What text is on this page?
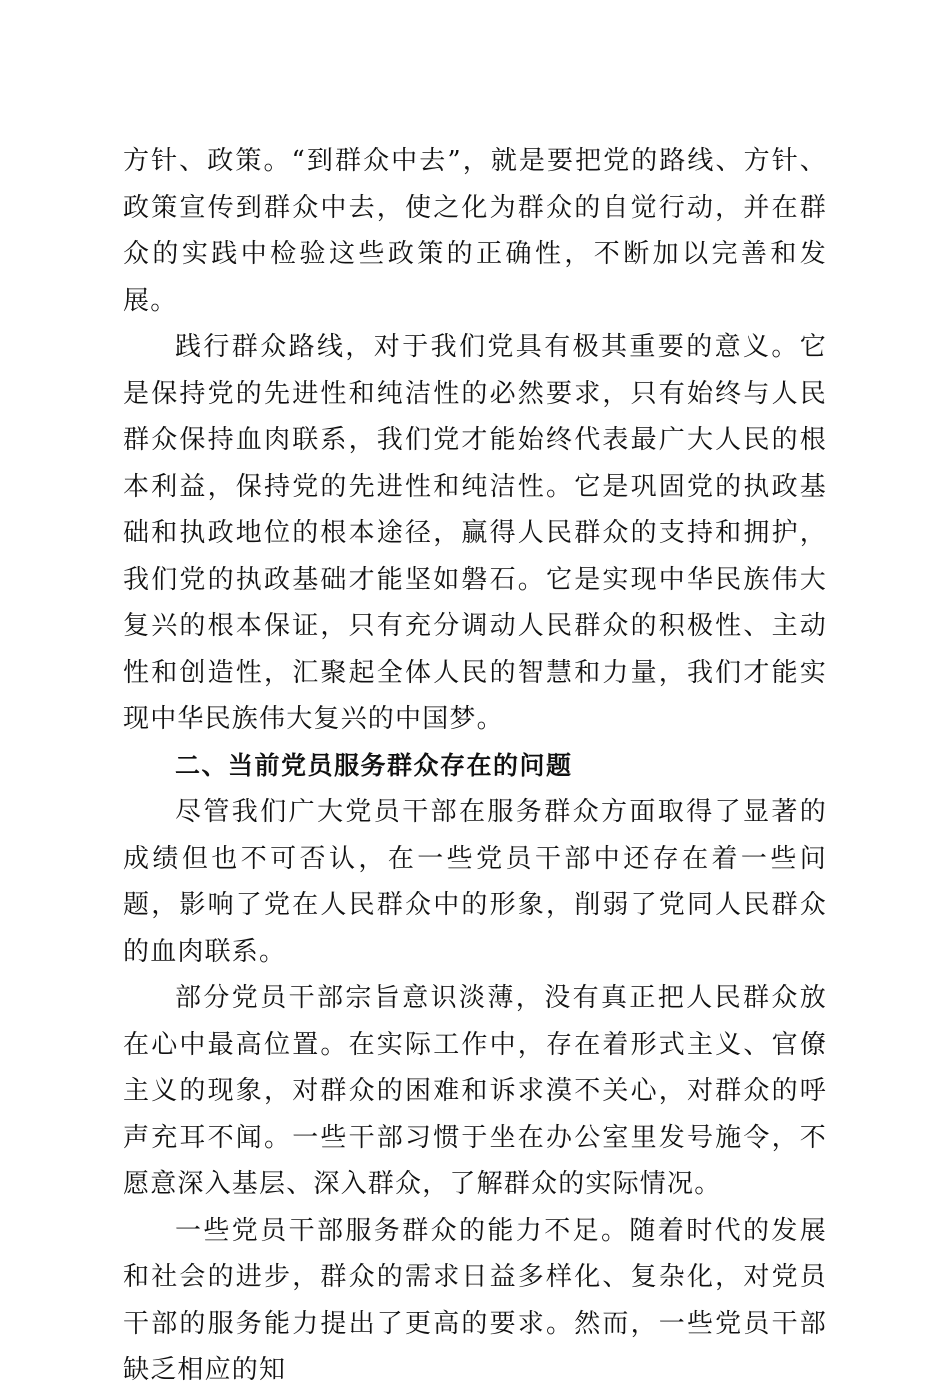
方针、政策。“到群众中去”，就是要把党的路线、方针、政策宣传到群众中去，使之化为群众的自觉行动，并在群众的实践中检验这些政策的正确性，不断加以完善和发展。

践行群众路线，对于我们党具有极其重要的意义。它是保持党的先进性和纯洁性的必然要求，只有始终与人民群众保持血肉联系，我们党才能始终代表最广大人民的根本利益，保持党的先进性和纯洁性。它是巩固党的执政基础和执政地位的根本途径，赢得人民群众的支持和拥护，我们党的执政基础才能坚如磐石。它是实现中华民族伟大复兴的根本保证，只有充分调动人民群众的积极性、主动性和创造性，汇聚起全体人民的智慧和力量，我们才能实现中华民族伟大复兴的中国梦。

二、当前党员服务群众存在的问题

尽管我们广大党员干部在服务群众方面取得了显著的成绩但也不可否认，在一些党员干部中还存在着一些问题，影响了党在人民群众中的形象，削弱了党同人民群众的血肉联系。

部分党员干部宗旨意识淡薄，没有真正把人民群众放在心中最高位置。在实际工作中，存在着形式主义、官僚主义的现象，对群众的困难和诉求漠不关心，对群众的呼声充耳不闻。一些干部习惯于坐在办公室里发号施令，不愿意深入基层、深入群众，了解群众的实际情况。

一些党员干部服务群众的能力不足。随着时代的发展和社会的进步，群众的需求日益多样化、复杂化，对党员干部的服务能力提出了更高的要求。然而，一些党员干部缺乏相应的知
